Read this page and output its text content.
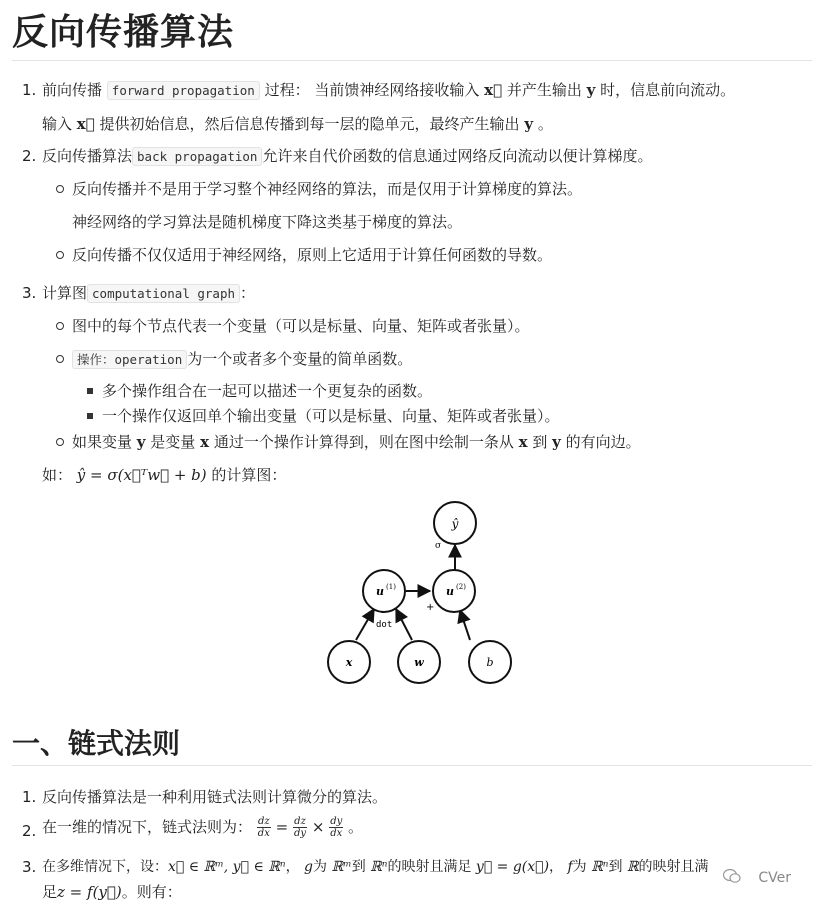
反向传播算法
1. 前向传播 forward propagation 过程： 当前馈神经网络接收输入 x⃗ 并产生输出 y 时，信息前向流动。
输入 x⃗ 提供初始信息，然后信息传播到每一层的隐单元，最终产生输出 y 。
2. 反向传播算法 back propagation 允许来自代价函数的信息通过网络反向流动以便计算梯度。
反向传播并不是用于学习整个神经网络的算法，而是仅用于计算梯度的算法。
神经网络的学习算法是随机梯度下降这类基于梯度的算法。
反向传播不仅仅适用于神经网络，原则上它适用于计算任何函数的导数。
3. 计算图 computational graph ：
图中的每个节点代表一个变量（可以是标量、向量、矩阵或者张量）。
操作：operation 为一个或者多个变量的简单函数。
多个操作组合在一起可以描述一个更复杂的函数。
一个操作仅返回单个输出变量（可以是标量、向量、矩阵或者张量）。
如果变量 y 是变量 x 通过一个操作计算得到，则在图中绘制一条从 x 到 y 的有向边。
如： ŷ = σ(x⃗ᵀw⃗ + b) 的计算图：
ŷ
u (1)	u (2)
x	w	b
σ
+
dot
一、链式法则
1. 反向传播算法是一种利用链式法则计算微分的算法。
2. 在一维的情况下，链式法则为： $\frac{dz}{dx} = \frac{dz}{dy} \times \frac{dy}{dx}$ 。
3. 在多维情况下，设：x⃗ ∈ ℝᵐ, y⃗ ∈ ℝⁿ， g为 ℝᵐ到 ℝⁿ的映射且满足 y⃗ = g(x⃗)， f为 ℝⁿ到 ℝ的映射且满
足z = f(y⃗)。则有：
CVer
